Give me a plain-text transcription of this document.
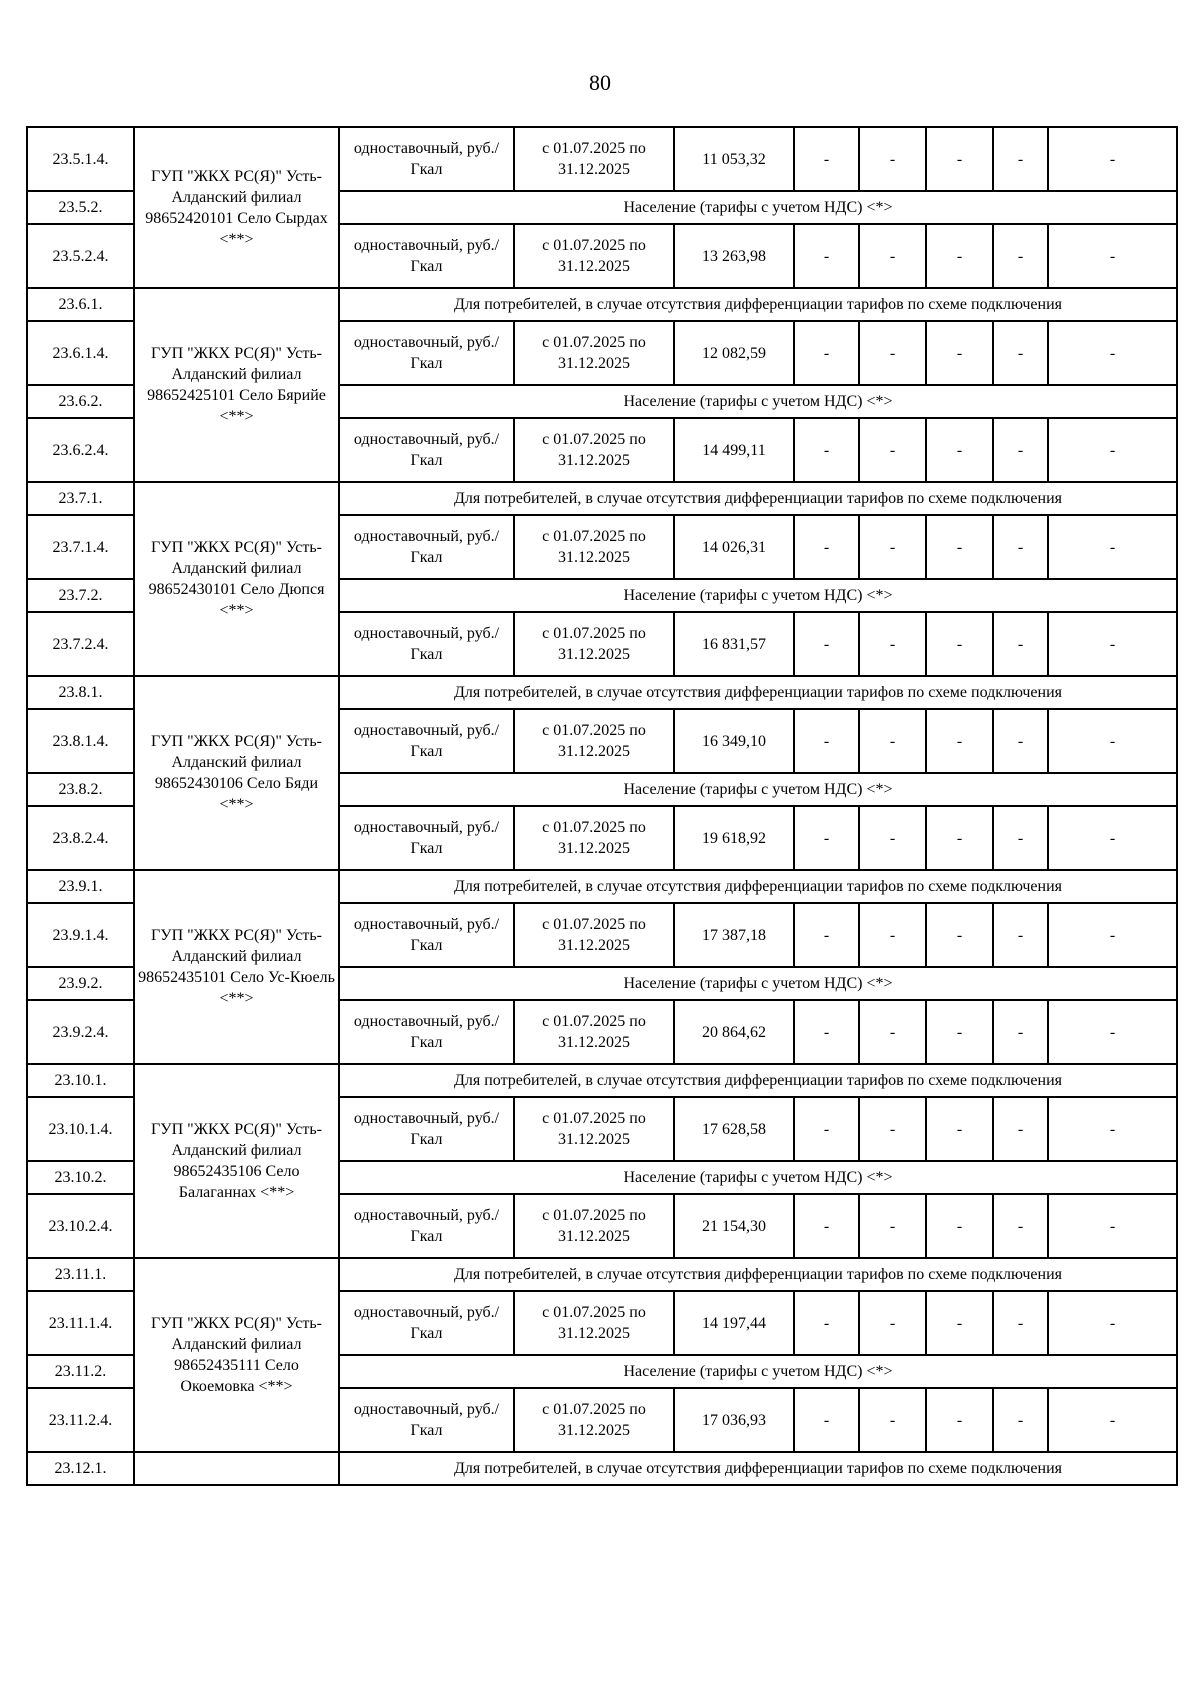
80
23.5.1.4.	ГУП "ЖКХ РС(Я)" Усть-Алданский филиал 98652420101 Село Сырдах <**>	одноставочный, руб./Гкал	с 01.07.2025 по 31.12.2025	11 053,32	-	-	-	-	-
23.5.2.		Население (тарифы с учетом НДС) <*>							
23.5.2.4.		одноставочный, руб./Гкал	с 01.07.2025 по 31.12.2025	13 263,98	-	-	-	-	-
23.6.1.	ГУП "ЖКХ РС(Я)" Усть-Алданский филиал 98652425101 Село Бярийе <**>	Для потребителей, в случае отсутствия дифференциации тарифов по схеме подключения							
23.6.1.4.		одноставочный, руб./Гкал	с 01.07.2025 по 31.12.2025	12 082,59	-	-	-	-	-
23.6.2.		Население (тарифы с учетом НДС) <*>							
23.6.2.4.		одноставочный, руб./Гкал	с 01.07.2025 по 31.12.2025	14 499,11	-	-	-	-	-
23.7.1.	ГУП "ЖКХ РС(Я)" Усть-Алданский филиал 98652430101 Село Дюпся <**>	Для потребителей, в случае отсутствия дифференциации тарифов по схеме подключения							
23.7.1.4.		одноставочный, руб./Гкал	с 01.07.2025 по 31.12.2025	14 026,31	-	-	-	-	-
23.7.2.		Население (тарифы с учетом НДС) <*>							
23.7.2.4.		одноставочный, руб./Гкал	с 01.07.2025 по 31.12.2025	16 831,57	-	-	-	-	-
23.8.1.	ГУП "ЖКХ РС(Я)" Усть-Алданский филиал 98652430106 Село Бяди <**>	Для потребителей, в случае отсутствия дифференциации тарифов по схеме подключения							
23.8.1.4.		одноставочный, руб./Гкал	с 01.07.2025 по 31.12.2025	16 349,10	-	-	-	-	-
23.8.2.		Население (тарифы с учетом НДС) <*>							
23.8.2.4.		одноставочный, руб./Гкал	с 01.07.2025 по 31.12.2025	19 618,92	-	-	-	-	-
23.9.1.	ГУП "ЖКХ РС(Я)" Усть-Алданский филиал 98652435101 Село Ус-Кюель <**>	Для потребителей, в случае отсутствия дифференциации тарифов по схеме подключения							
23.9.1.4.		одноставочный, руб./Гкал	с 01.07.2025 по 31.12.2025	17 387,18	-	-	-	-	-
23.9.2.		Население (тарифы с учетом НДС) <*>							
23.9.2.4.		одноставочный, руб./Гкал	с 01.07.2025 по 31.12.2025	20 864,62	-	-	-	-	-
23.10.1.	ГУП "ЖКХ РС(Я)" Усть-Алданский филиал 98652435106 Село Балаганнах <**>	Для потребителей, в случае отсутствия дифференциации тарифов по схеме подключения							
23.10.1.4.		одноставочный, руб./Гкал	с 01.07.2025 по 31.12.2025	17 628,58	-	-	-	-	-
23.10.2.		Население (тарифы с учетом НДС) <*>							
23.10.2.4.		одноставочный, руб./Гкал	с 01.07.2025 по 31.12.2025	21 154,30	-	-	-	-	-
23.11.1.	ГУП "ЖКХ РС(Я)" Усть-Алданский филиал 98652435111 Село Окоемовка <**>	Для потребителей, в случае отсутствия дифференциации тарифов по схеме подключения							
23.11.1.4.		одноставочный, руб./Гкал	с 01.07.2025 по 31.12.2025	14 197,44	-	-	-	-	-
23.11.2.		Население (тарифы с учетом НДС) <*>							
23.11.2.4.		одноставочный, руб./Гкал	с 01.07.2025 по 31.12.2025	17 036,93	-	-	-	-	-
23.12.1.		Для потребителей, в случае отсутствия дифференциации тарифов по схеме подключения							
